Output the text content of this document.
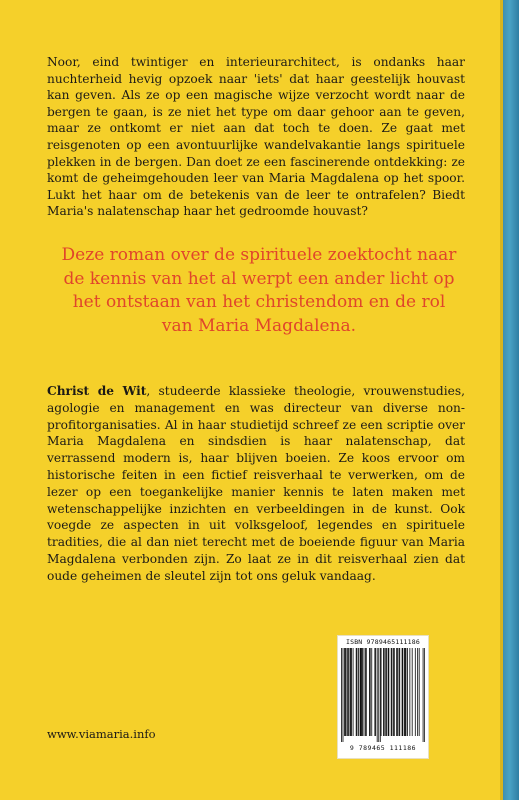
Noor, eind twintiger en interieurarchitect, is ondanks haar nuchterheid hevig opzoek naar 'iets' dat haar geestelijk houvast kan geven. Als ze op een magische wijze verzocht wordt naar de bergen te gaan, is ze niet het type om daar gehoor aan te geven, maar ze ontkomt er niet aan dat toch te doen. Ze gaat met reisgenoten op een avontuurlijke wandelvakantie langs spirituele plekken in de bergen. Dan doet ze een fascinerende ontdekking: ze komt de geheimgehouden leer van Maria Magdalena op het spoor. Lukt het haar om de betekenis van de leer te ontrafelen? Biedt Maria's nalatenschap haar het gedroomde houvast?

Deze roman over de spirituele zoektocht naar de kennis van het al werpt een ander licht op het ontstaan van het christendom en de rol van Maria Magdalena.

Christ de Wit, studeerde klassieke theologie, vrouwenstudies, agologie en management en was directeur van diverse non-profitorganisaties. Al in haar studietijd schreef ze een scriptie over Maria Magdalena en sindsdien is haar nalatenschap, dat verrassend modern is, haar blijven boeien. Ze koos ervoor om historische feiten in een fictief reisverhaal te verwerken, om de lezer op een toegankelijke manier kennis te laten maken met wetenschappelijke inzichten en verbeeldingen in de kunst. Ook voegde ze aspecten in uit volksgeloof, legendes en spirituele tradities, die al dan niet terecht met de boeiende figuur van Maria Magdalena verbonden zijn. Zo laat ze in dit reisverhaal zien dat oude geheimen de sleutel zijn tot ons geluk vandaag.

ISBN 9789465111186
9 789465 111186
www.viamaria.info
